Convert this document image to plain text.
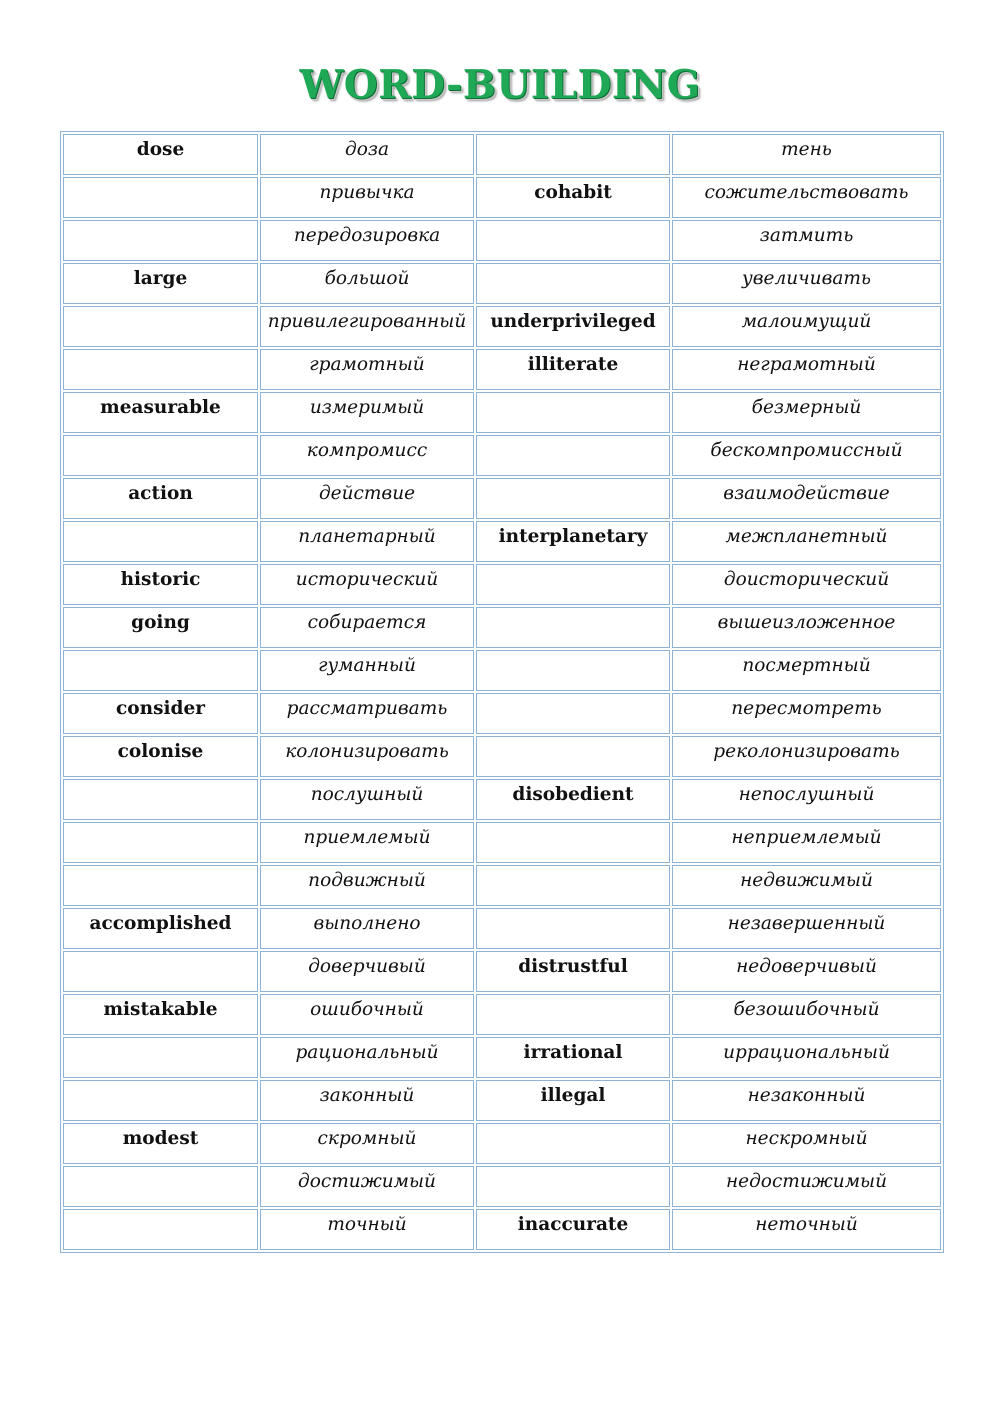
WORD-BUILDING
dose	доза		тень
	привычка	cohabit	сожительствовать
	передозировка		затмить
large	большой		увеличивать
	привилегированный	underprivileged	малоимущий
	грамотный	illiterate	неграмотный
measurable	измеримый		безмерный
	компромисс		бескомпромиссный
action	действие		взаимодействие
	планетарный	interplanetary	межпланетный
historic	исторический		доисторический
going	собирается		вышеизложенное
	гуманный		посмертный
consider	рассматривать		пересмотреть
colonise	колонизировать		реколонизировать
	послушный	disobedient	непослушный
	приемлемый		неприемлемый
	подвижный		недвижимый
accomplished	выполнено		незавершенный
	доверчивый	distrustful	недоверчивый
mistakable	ошибочный		безошибочный
	рациональный	irrational	иррациональный
	законный	illegal	незаконный
modest	скромный		нескромный
	достижимый		недостижимый
	точный	inaccurate	неточный
